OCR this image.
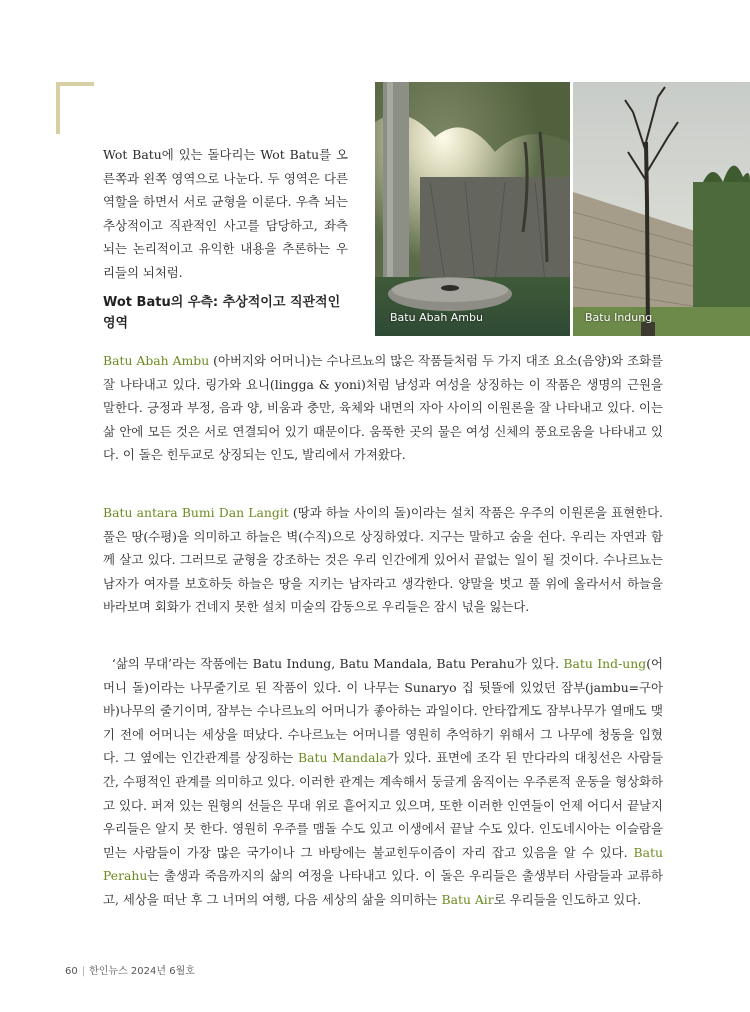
Wot Batu에 있는 돌다리는 Wot Batu를 오른쪽과 왼쪽 영역으로 나눈다. 두 영역은 다른 역할을 하면서 서로 균형을 이룬다. 우측 뇌는 추상적이고 직관적인 사고를 담당하고, 좌측 뇌는 논리적이고 유익한 내용을 추론하는 우리들의 뇌처럼.
Wot Batu의 우측: 추상적이고 직관적인 영역	Batu Abah Ambu	Batu Indung

Batu Abah Ambu (아버지와 어머니)는 수나르뇨의 많은 작품들처럼 두 가지 대조 요소(음양)와 조화를 잘 나타내고 있다. 링가와 요니(lingga & yoni)처럼 남성과 여성을 상징하는 이 작품은 생명의 근원을 말한다. 긍정과 부정, 음과 양, 비움과 충만, 육체와 내면의 자아 사이의 이원론을 잘 나타내고 있다. 이는 삶 안에 모든 것은 서로 연결되어 있기 때문이다. 움푹한 곳의 물은 여성 신체의 풍요로움을 나타내고 있다. 이 돌은 힌두교로 상징되는 인도, 발리에서 가져왔다.

Batu antara Bumi Dan Langit (땅과 하늘 사이의 돌)이라는 설치 작품은 우주의 이원론을 표현한다. 풀은 땅(수평)을 의미하고 하늘은 벽(수직)으로 상징하였다. 지구는 말하고 숨을 쉰다. 우리는 자연과 함께 살고 있다. 그러므로 균형을 강조하는 것은 우리 인간에게 있어서 끝없는 일이 될 것이다. 수나르뇨는 남자가 여자를 보호하듯 하늘은 땅을 지키는 남자라고 생각한다. 양말을 벗고 풀 위에 올라서서 하늘을 바라보며 회화가 건네지 못한 설치 미술의 감동으로 우리들은 잠시 넋을 잃는다.

‘삶의 무대’라는 작품에는 Batu Indung, Batu Mandala, Batu Perahu가 있다. Batu Ind-ung(어머니 돌)이라는 나무줄기로 된 작품이 있다. 이 나무는 Sunaryo 집 뒷뜰에 있었던 잠부(jambu=구아바)나무의 줄기이며, 잠부는 수나르뇨의 어머니가 좋아하는 과일이다. 안타깝게도 잠부나무가 열매도 맺기 전에 어머니는 세상을 떠났다. 수나르뇨는 어머니를 영원히 추억하기 위해서 그 나무에 청동을 입혔다. 그 옆에는 인간관계를 상징하는 Batu Mandala가 있다. 표면에 조각 된 만다라의 대칭선은 사람들 간, 수평적인 관계를 의미하고 있다. 이러한 관계는 계속해서 둥글게 움직이는 우주론적 운동을 형상화하고 있다. 퍼져 있는 원형의 선들은 무대 위로 흩어지고 있으며, 또한 이러한 인연들이 언제 어디서 끝날지 우리들은 알지 못 한다. 영원히 우주를 맴돌 수도 있고 이생에서 끝날 수도 있다. 인도네시아는 이슬람을 믿는 사람들이 가장 많은 국가이나 그 바탕에는 불교힌두이즘이 자리 잡고 있음을 알 수 있다. Batu Perahu는 출생과 죽음까지의 삶의 여정을 나타내고 있다. 이 돌은 우리들은 출생부터 사람들과 교류하고, 세상을 떠난 후 그 너머의 여행, 다음 세상의 삶을 의미하는 Batu Air로 우리들을 인도하고 있다.

60 | 한인뉴스 2024년 6월호
